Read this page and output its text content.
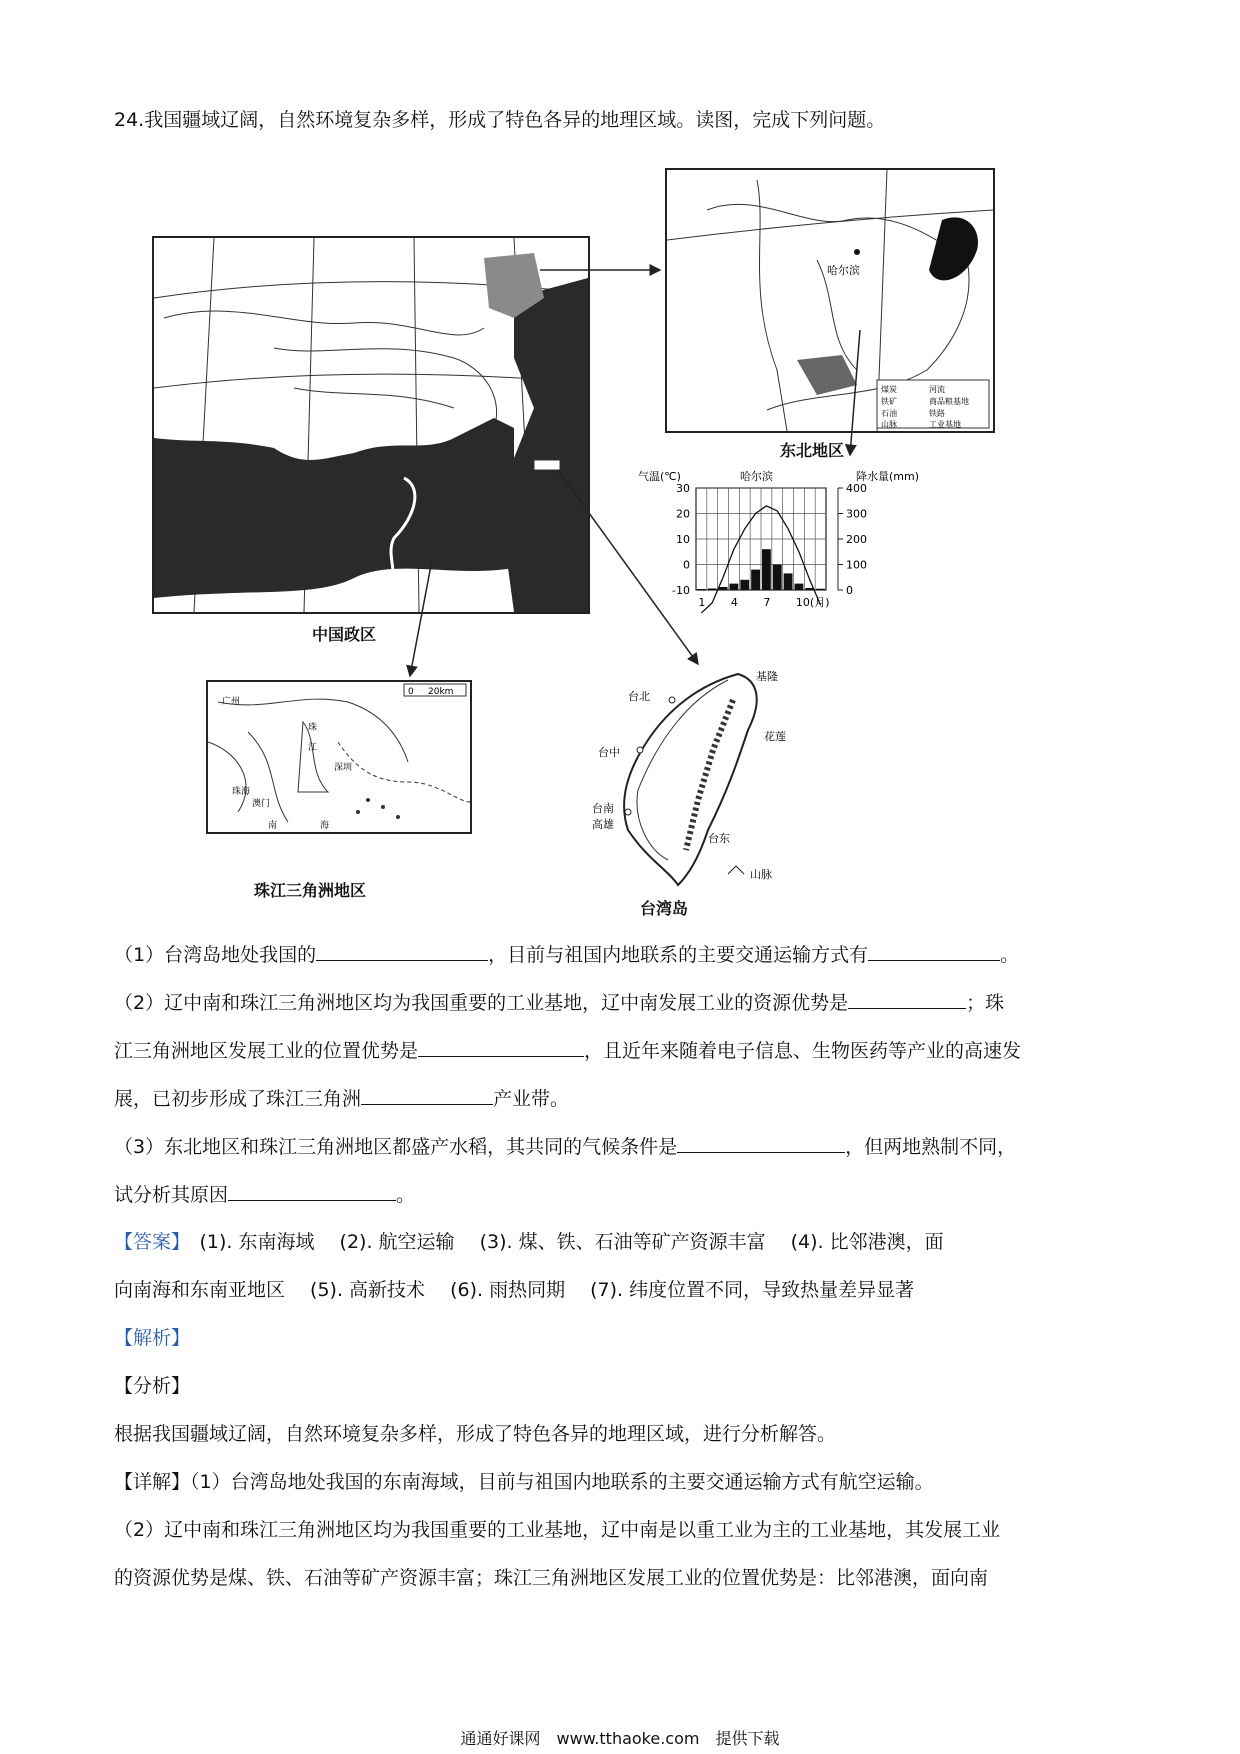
24.我国疆域辽阔，自然环境复杂多样，形成了特色各异的地理区域。读图，完成下列问题。
中国政区
哈尔滨
煤炭
铁矿
石油
山脉
河流
商品粮基地
铁路
工业基地
东北地区
气温(℃)	哈尔滨	降水量(mm)
30
20
10
0
-10
400
300
200
100
0
1 4 7 10(月)
0 20km
广州
珠
江
深圳
珠海
澳门
南	海
珠江三角洲地区
台北
基隆
台中
花莲
台南
高雄
台东
山脉
台湾岛
（1）台湾岛地处我国的	，目前与祖国内地联系的主要交通运输方式有	。
（2）辽中南和珠江三角洲地区均为我国重要的工业基地，辽中南发展工业的资源优势是	；珠
江三角洲地区发展工业的位置优势是	，且近年来随着电子信息、生物医药等产业的高速发
展，已初步形成了珠江三角洲	产业带。
（3）东北地区和珠江三角洲地区都盛产水稻，其共同的气候条件是	，但两地熟制不同，
试分析其原因	。
【答案】　(1). 东南海域　 (2). 航空运输　 (3). 煤、铁、石油等矿产资源丰富　 (4). 比邻港澳，面
向南海和东南亚地区　 (5). 高新技术　 (6). 雨热同期　 (7). 纬度位置不同，导致热量差异显著
【解析】
【分析】
根据我国疆域辽阔，自然环境复杂多样，形成了特色各异的地理区域，进行分析解答。
【详解】（1）台湾岛地处我国的东南海域，目前与祖国内地联系的主要交通运输方式有航空运输。
（2）辽中南和珠江三角洲地区均为我国重要的工业基地，辽中南是以重工业为主的工业基地，其发展工业
的资源优势是煤、铁、石油等矿产资源丰富；珠江三角洲地区发展工业的位置优势是：比邻港澳，面向南
通通好课网　www.tthaoke.com　提供下载
